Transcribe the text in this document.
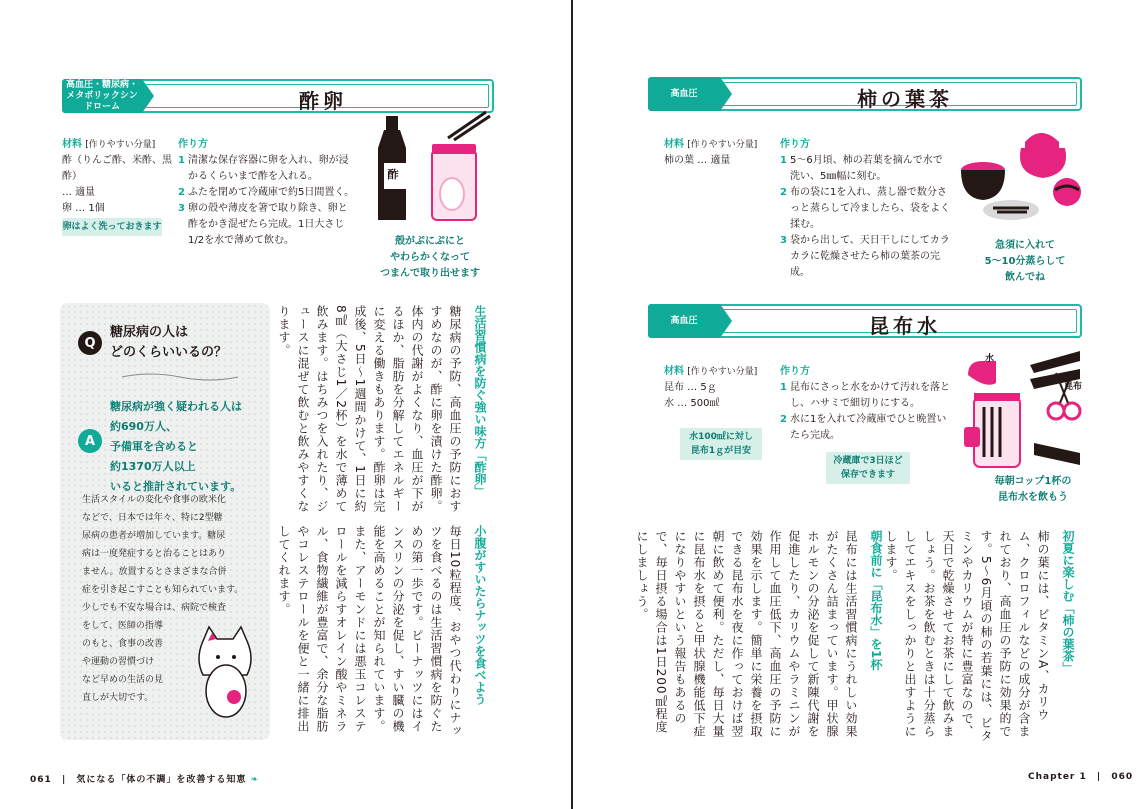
高血圧・糖尿病・メタボリックシンドローム	酢卵
材料 [作りやすい分量]
酢（りんご酢、米酢、黒酢）
… 適量
卵 … 1個
卵はよく洗っておきます
作り方
1 清潔な保存容器に卵を入れ、卵が浸かるくらいまで酢を入れる。
2 ふたを閉めて冷蔵庫で約5日間置く。
3 卵の殻や薄皮を箸で取り除き、卵と酢をかき混ぜたら完成。1日大さじ1/2を水で薄めて飲む。
酢
殻がぷにぷにと
やわらかくなって
つまんで取り出せます
Q
糖尿病の人は
どのくらいいるの？
A
糖尿病が強く疑われる人は
約690万人、
予備軍を含めると
約1370万人以上
いると推計されています。
生活スタイルの変化や食事の欧米化
などで、日本では年々、特に2型糖
尿病の患者が増加しています。糖尿
病は一度発症すると治ることはあり
ません。放置するとさまざまな合併
症を引き起こすことも知られています。
少しでも不安な場合は、病院で検査
をして、医師の指導
のもと、食事の改善
や運動の習慣づけ
など早めの生活の見
直しが大切です。
生活習慣病を防ぐ強い味方「酢卵」
糖尿病の予防、高血圧の予防におすすめなのが、酢に卵を漬けた酢卵。体内の代謝がよくなり、血圧が下がるほか、脂肪を分解してエネルギーに変える働きもあります。酢卵は完成後、5日〜1週間かけて、1日に約8㎖（大さじ1／2杯）を水で薄めて飲みます。はちみつを入れたり、ジュースに混ぜて飲むと飲みやすくなります。
小腹がすいたらナッツを食べよう
毎日10粒程度、おやつ代わりにナッツを食べるのは生活習慣病を防ぐための第一歩です。ピーナッツにはインスリンの分泌を促し、すい臓の機能を高めることが知られています。また、アーモンドには悪玉コレステロールを減らすオレイン酸やミネラル、食物繊維が豊富で、余分な脂肪やコレステロールを便と一緒に排出してくれます。
061 | 気になる「体の不調」を改善する知恵 ❧
高血圧	柿の葉茶
材料 [作りやすい分量]
柿の葉 … 適量
作り方
1 5〜6月頃、柿の若葉を摘んで水で洗い、5㎜幅に刻む。
2 布の袋に1を入れ、蒸し器で数分さっと蒸らして冷ましたら、袋をよく揉む。
3 袋から出して、天日干しにしてカラカラに乾燥させたら柿の葉茶の完成。
急須に入れて
5〜10分蒸らして
飲んでね
高血圧	昆布水
材料 [作りやすい分量]
昆布 … 5ｇ
水 … 500㎖
水100㎖に対し
昆布1ｇが目安
作り方
1 昆布にさっと水をかけて汚れを落とし、ハサミで細切りにする。
2 水に1を入れて冷蔵庫でひと晩置いたら完成。
冷蔵庫で3日ほど
保存できます
水
昆布
毎朝コップ1杯の
昆布水を飲もう
初夏に楽しむ「柿の葉茶」
柿の葉には、ビタミンA、カリウム、クロロフィルなどの成分が含まれており、高血圧の予防に効果的です。5〜6月頃の柿の若葉には、ビタミンやカリウムが特に豊富なので、天日で乾燥させてお茶にして飲みましょう。お茶を飲むときは十分蒸らしてエキスをしっかりと出すようにします。
朝食前に「昆布水」を1杯
昆布には生活習慣病にうれしい効果がたくさん詰まっています。甲状腺ホルモンの分泌を促して新陳代謝を促進したり、カリウムやラミニンが作用して血圧低下、高血圧の予防に効果を示します。簡単に栄養を摂取できる昆布水を夜に作っておけば翌朝に飲めて便利。ただし、毎日大量に昆布水を摂ると甲状腺機能低下症になりやすいという報告もあるので、毎日摂る場合は1日200㎖程度にしましょう。
Chapter 1 | 060
